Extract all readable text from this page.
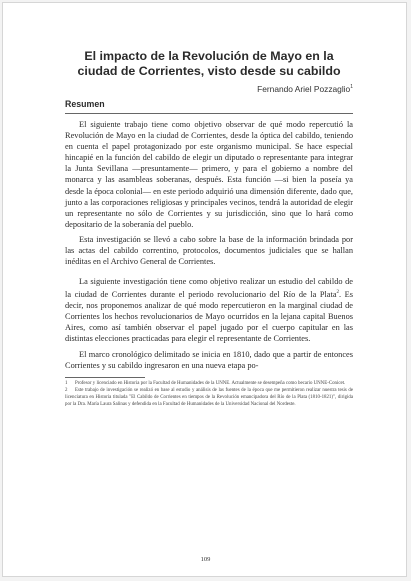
El impacto de la Revolución de Mayo en la ciudad de Corrientes, visto desde su cabildo

Fernando Ariel Pozzaglio$^1$

Resumen

El siguiente trabajo tiene como objetivo observar de qué modo repercutió la Revolución de Mayo en la ciudad de Corrientes, desde la óptica del cabildo, teniendo en cuenta el papel protagonizado por este organismo municipal. Se hace especial hincapié en la función del cabildo de elegir un diputado o representante para integrar la Junta Sevillana —presuntamente— primero, y para el gobierno a nombre del monarca y las asambleas soberanas, después. Esta función —si bien la poseía ya desde la época colonial— en este periodo adquirió una dimensión diferente, dado que, junto a las corporaciones religiosas y principales vecinos, tendrá la autoridad de elegir un representante no sólo de Corrientes y su jurisdicción, sino que lo hará como depositario de la soberanía del pueblo.

Esta investigación se llevó a cabo sobre la base de la información brindada por las actas del cabildo correntino, protocolos, documentos judiciales que se hallan inéditas en el Archivo General de Corrientes.

La siguiente investigación tiene como objetivo realizar un estudio del cabildo de la ciudad de Corrientes durante el periodo revolucionario del Río de la Plata$^2$. Es decir, nos proponemos analizar de qué modo repercutieron en la marginal ciudad de Corrientes los hechos revolucionarios de Mayo ocurridos en la lejana capital Buenos Aires, como así también observar el papel jugado por el cuerpo capitular en las distintas elecciones practicadas para elegir el representante de Corrientes.

El marco cronológico delimitado se inicia en 1810, dado que a partir de entonces Corrientes y su cabildo ingresaron en una nueva etapa po-

1 Profesor y licenciado en Historia por la Facultad de Humanidades de la UNNE. Actualmente se desempeña como becario UNNE-Conicet.

2 Este trabajo de investigación se realizó en base al estudio y análisis de las fuentes de la época que me permitieron realizar nuestra tesis de licenciatura en Historia titulada "El Cabildo de Corrientes en tiempos de la Revolución emancipadora del Río de la Plata (1810-1821)", dirigida por la Dra. María Laura Salinas y defendida en la Facultad de Humanidades de la Universidad Nacional del Nordeste.

109
